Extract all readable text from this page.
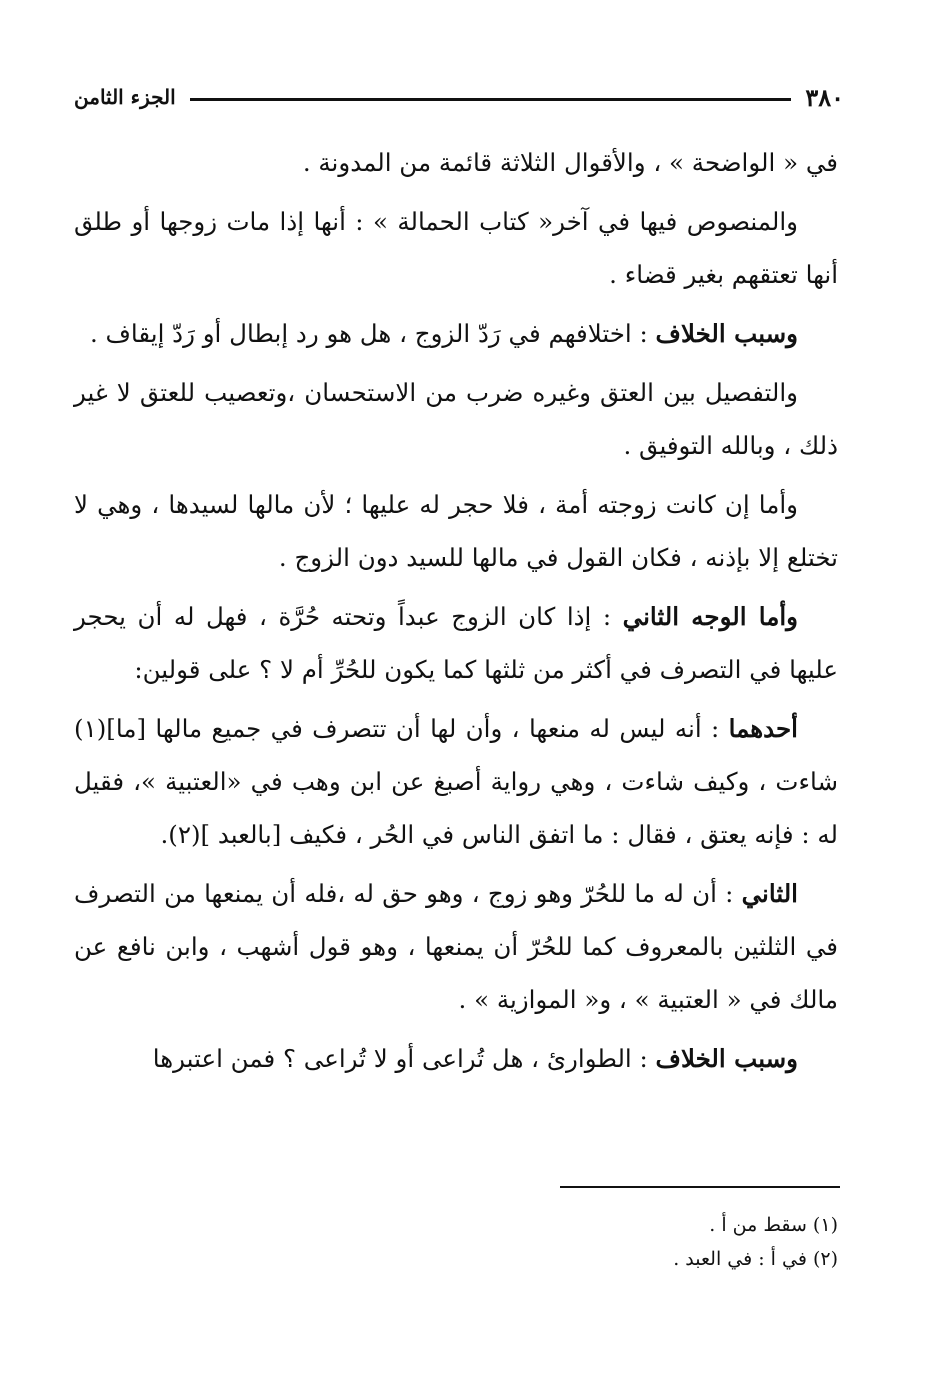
٣٨٠
الجزء الثامن

في « الواضحة » ، والأقوال الثلاثة قائمة من المدونة .

والمنصوص فيها في آخر« كتاب الحمالة » : أنها إذا مات زوجها أو طلق أنها تعتقهم بغير قضاء .

وسبب الخلاف : اختلافهم في رَدّ الزوج ، هل هو رد إبطال أو رَدّ إيقاف .

والتفصيل بين العتق وغيره ضرب من الاستحسان ،وتعصيب للعتق لا غير ذلك ، وبالله التوفيق .

وأما إن كانت زوجته أمة ، فلا حجر له عليها ؛ لأن مالها لسيدها ، وهي لا تختلع إلا بإذنه ، فكان القول في مالها للسيد دون الزوج .

وأما الوجه الثاني : إذا كان الزوج عبداً وتحته حُرَّة ، فهل له أن يحجر عليها في التصرف في أكثر من ثلثها كما يكون للحُرِّ أم لا ؟ على قولين:

أحدهما : أنه ليس له منعها ، وأن لها أن تتصرف في جميع مالها [ما](١) شاءت ، وكيف شاءت ، وهي رواية أصبغ عن ابن وهب في «العتبية »، فقيل له : فإنه يعتق ، فقال : ما اتفق الناس في الحُر ، فكيف [بالعبد ](٢).

الثاني : أن له ما للحُرّ وهو زوج ، وهو حق له ،فله أن يمنعها من التصرف في الثلثين بالمعروف كما للحُرّ أن يمنعها ، وهو قول أشهب ، وابن نافع عن مالك في « العتبية » ، و« الموازية » .

وسبب الخلاف : الطوارئ ، هل تُراعى أو لا تُراعى ؟ فمن اعتبرها

(١) سقط من أ .

(٢) في أ : في العبد .
